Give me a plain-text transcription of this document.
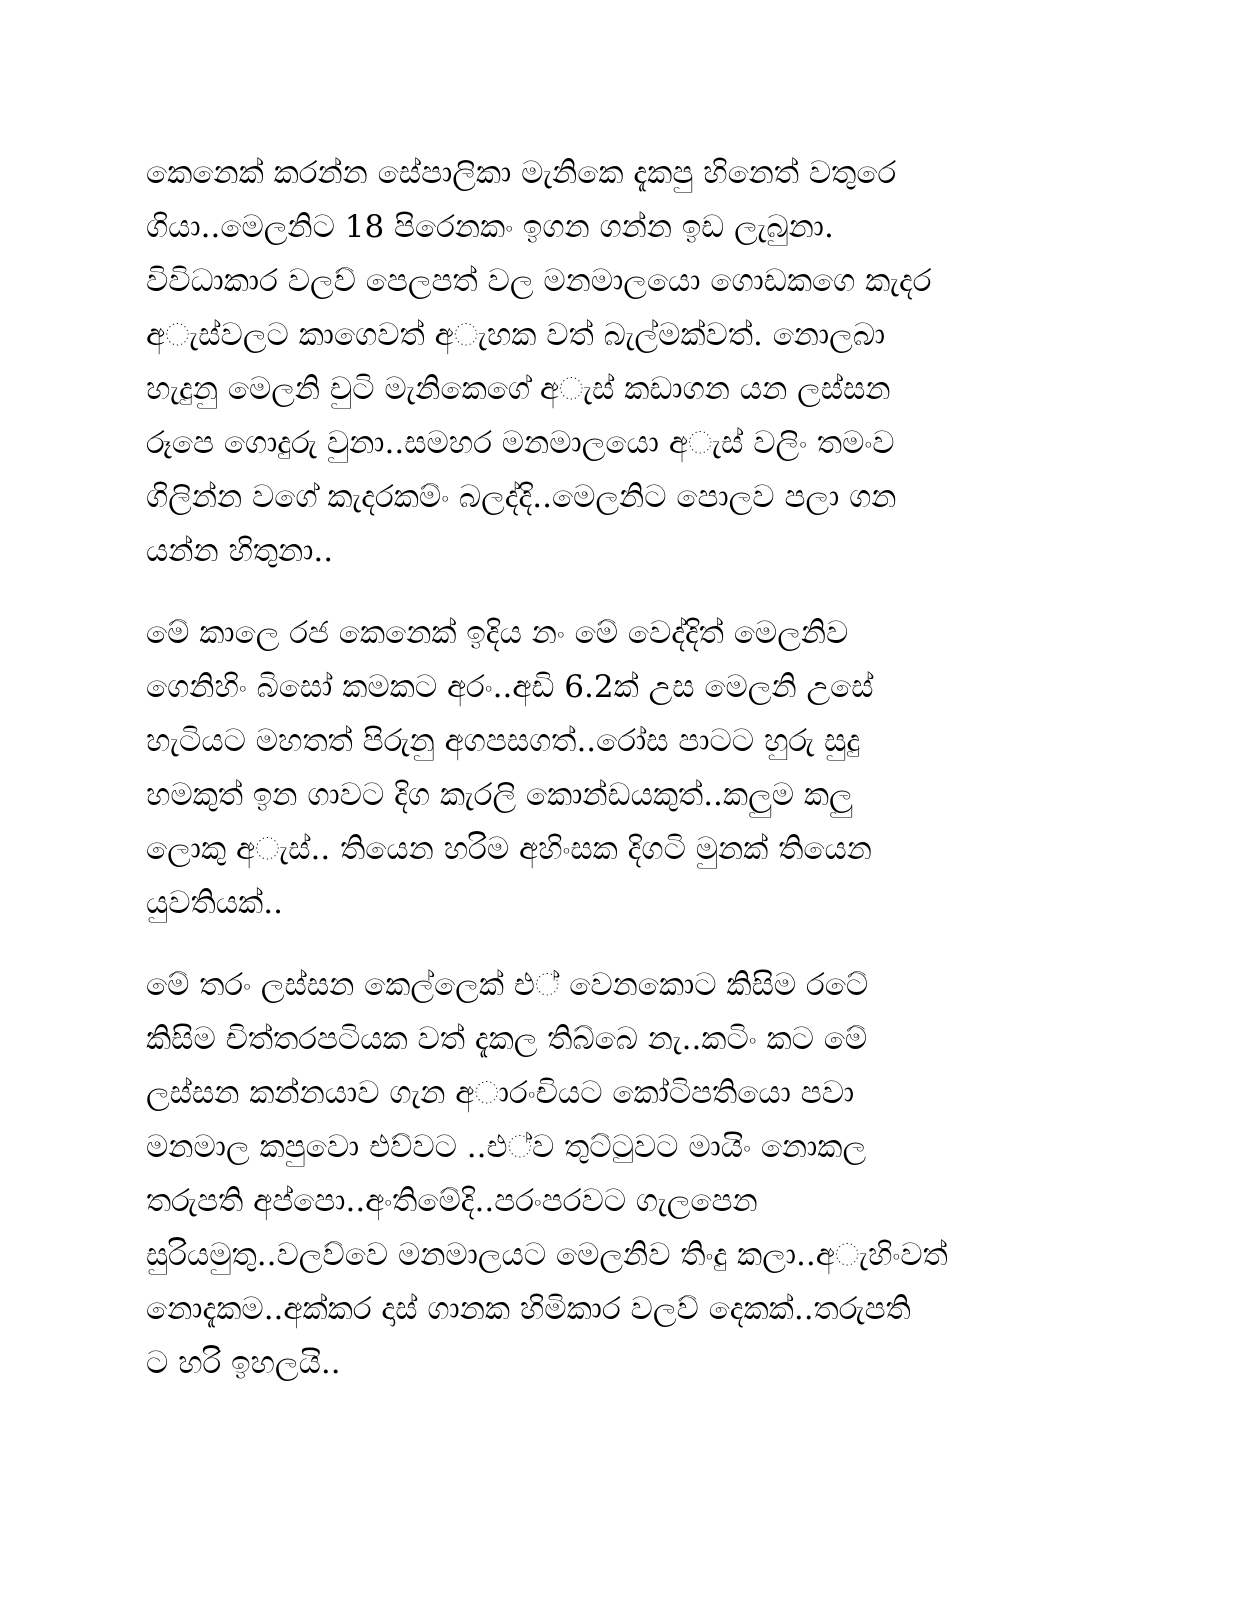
කෙනෙක් කරන්න සේපාලිකා මැනිකෙ දැකපු හිනෙත් වතුරෙ
ගියා..මෙලනිට 18 පිරෙනකං ඉගන ගන්න ඉඩ ලැබුනා.
විවිධාකාර වලව් පෙලපත් වල මනමාලයො ගොඩකගෙ කැදර
අැස්වලට කාගෙවත් අැහක වත් බැල්මක්වත්. නොලබා
හැදුනු මෙලනි චුටි මැනිකෙගේ අැස් කඩාගන යන ලස්සන
රූපෙ ගොදුරු වුනා..සමහර මනමාලයො අැස් වලිං තමංව
ගිලින්න වගේ කැදරකම්ං බලද්දි..මෙලනිට පොලව පලා ගන
යන්න හිතුනා..
මේ කාලෙ රජ කෙනෙක් ඉදිය නං මේ වෙද්දිත් මෙලනිව
ගෙනිහිං බිසෝ කමකට අරං..අඩි 6.2ක් උස මෙලනි උසේ
හැටියට මහතත් පිරුනු අගපසගත්..රෝස පාටට හුරු සුදු
හමකුත් ඉන ගාවට දිග කැරලි කොන්ඩයකුත්..කලුම කලු
ලොකු අැස්.. තියෙන හරිම අහිංසක දිගටි මුනක් තියෙන
යුවතියක්..
මේ තරං ලස්සන කෙල්ලෙක් එ් වෙනකොට කිසිම රටේ
කිසිම චිත්තරපටියක වත් දැකල තිබ්බෙ නැ..කටිං කට මේ
ලස්සන කන්නයාව ගැන අාරංචියට කෝටිපතියො පවා
මනමාල කපුවො එව්වට ..එ්ව තුට්ටුවට මායිං නොකල
තරුපති අප්පො..අංතිමේදි..පරංපරවට ගැලපෙන
සුරියමුතු..වලව්වෙ මනමාලයට මෙලනිව තිංදු කලා..අැහිංවත්
නොදැකම..අක්කර දාස් ගානක හිමිකාර වලව් දෙකක්..තරුපති
ට හරි ඉහලයි..
